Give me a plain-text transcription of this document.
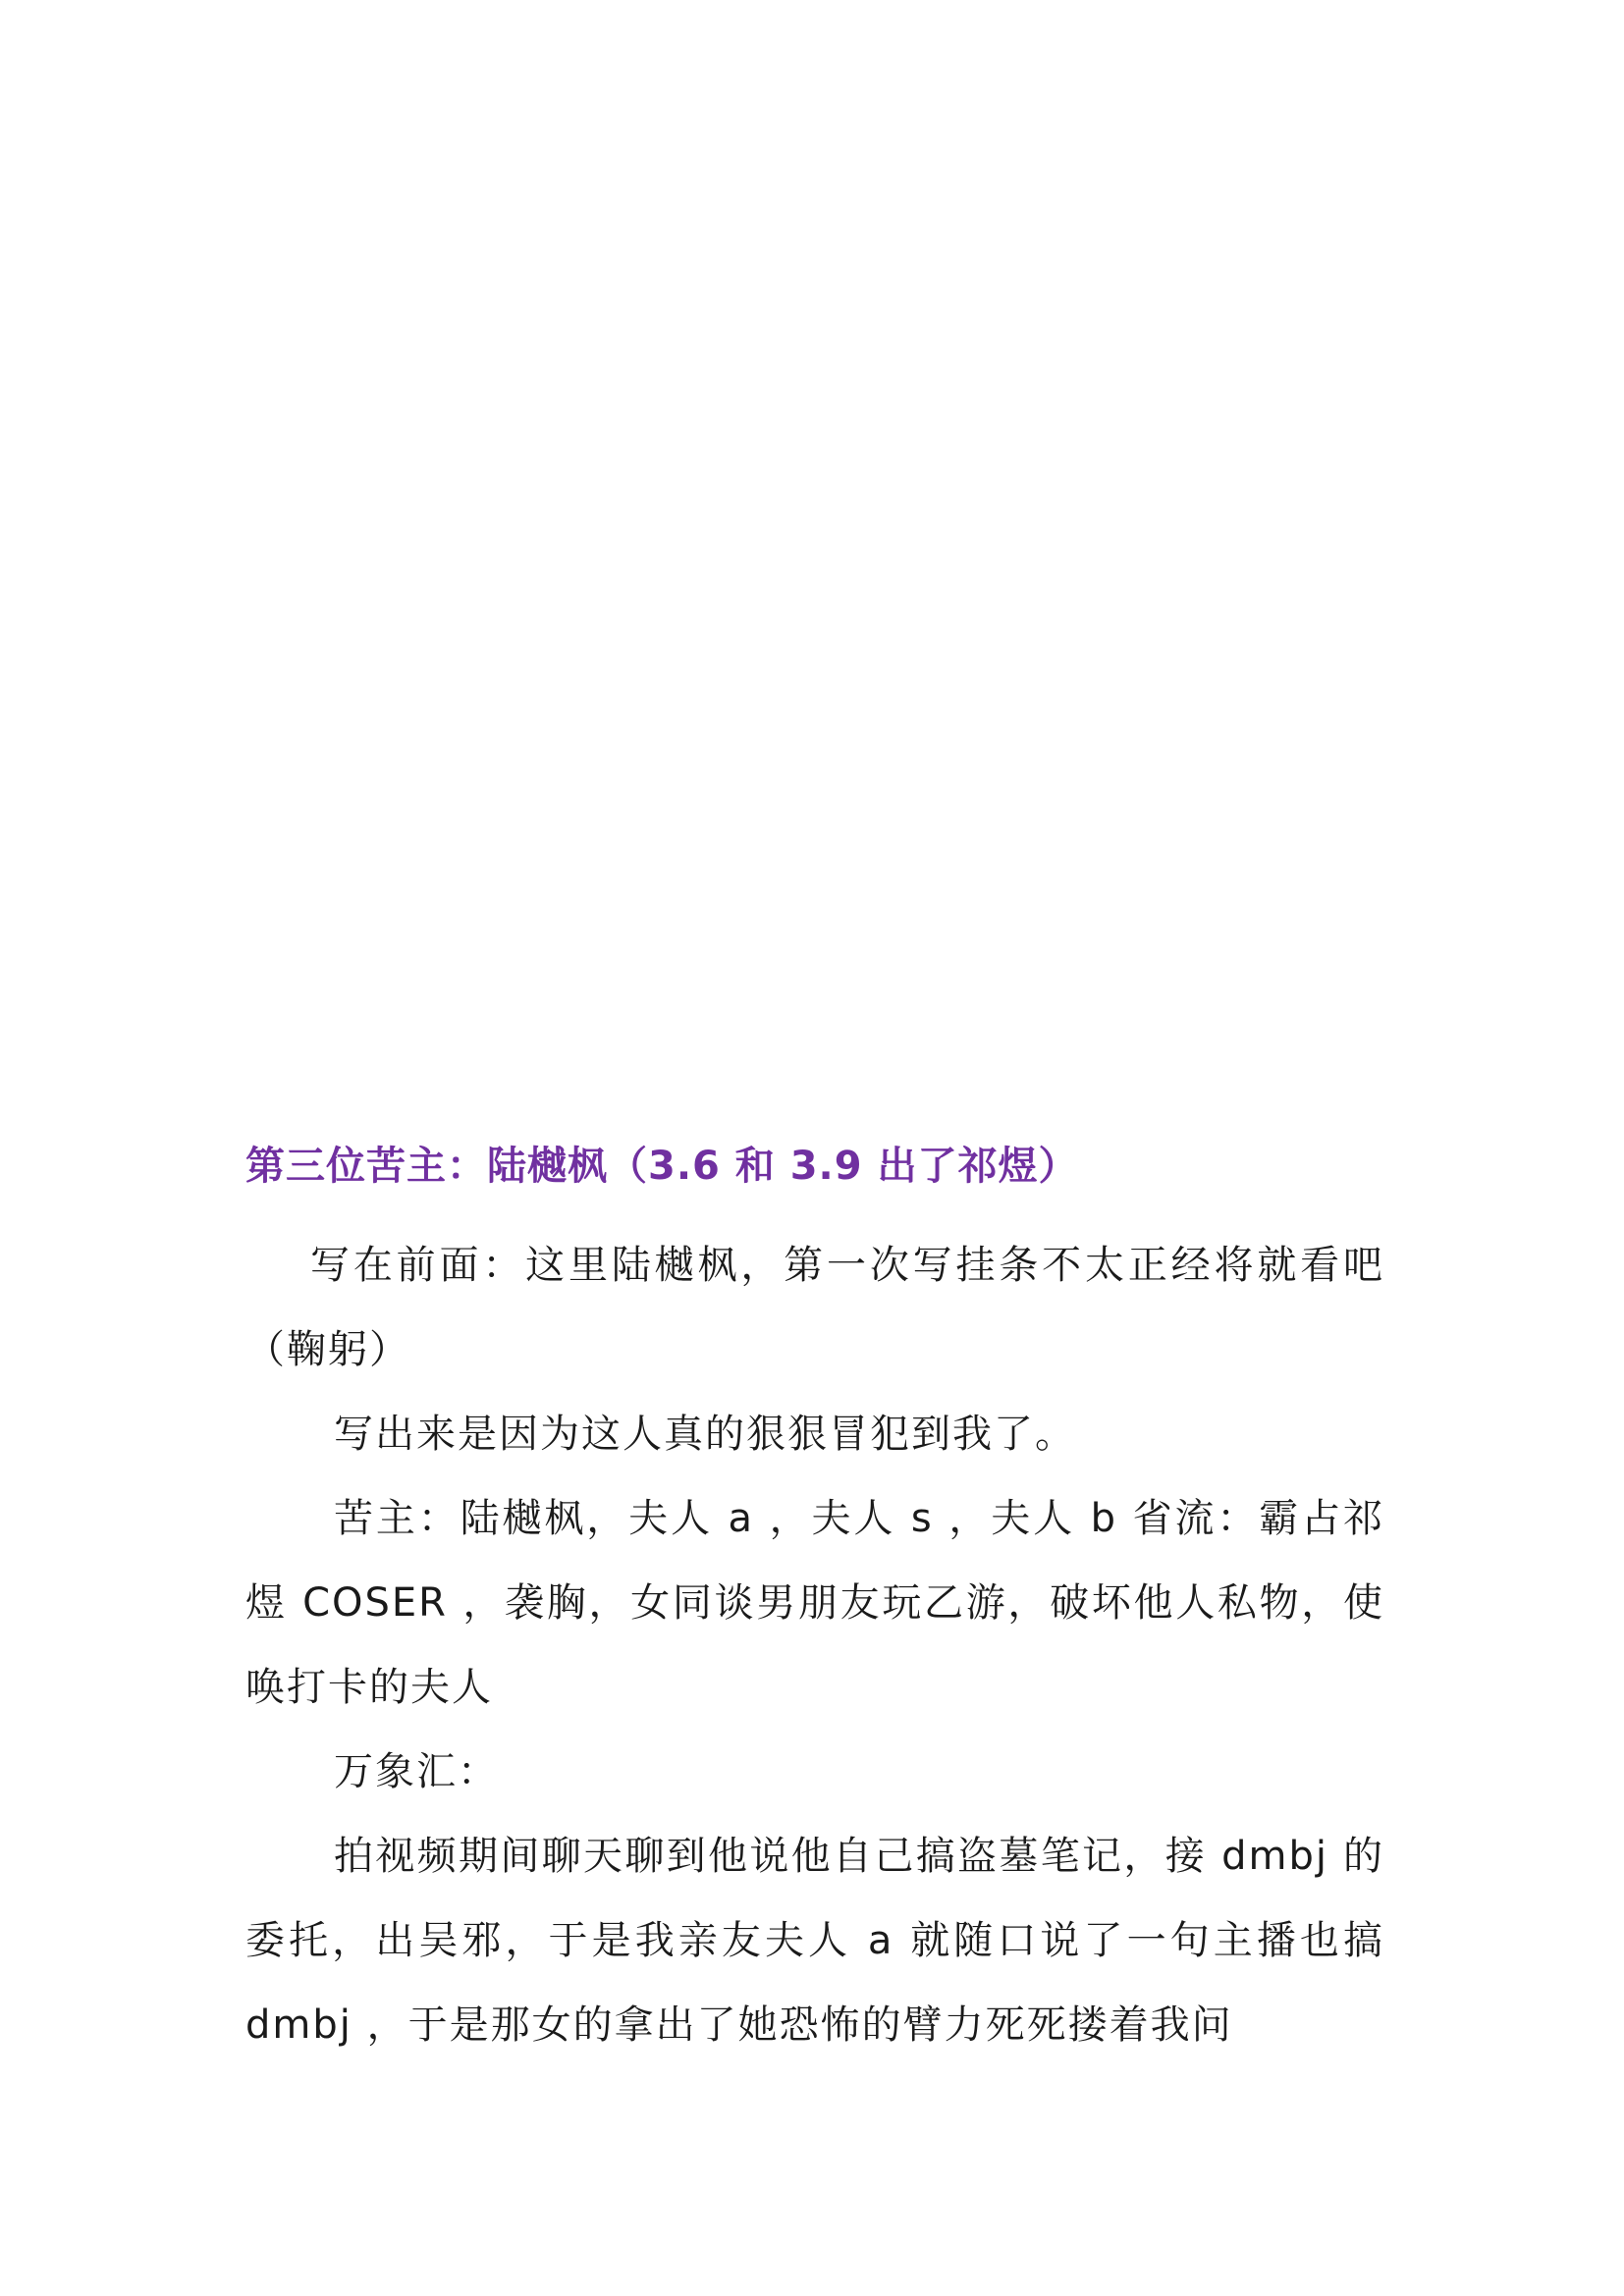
第三位苦主：陆樾枫（3.6 和 3.9 出了祁煜）

写在前面：这里陆樾枫，第一次写挂条不太正经将就看吧（鞠躬）

写出来是因为这人真的狠狠冒犯到我了。

苦主：陆樾枫，夫人 a ，夫人 s ，夫人 b 省流：霸占祁煜 COSER ，袭胸，女同谈男朋友玩乙游，破坏他人私物，使唤打卡的夫人

万象汇：

拍视频期间聊天聊到他说他自己搞盗墓笔记，接 dmbj 的委托，出吴邪，于是我亲友夫人 a 就随口说了一句主播也搞 dmbj ，于是那女的拿出了她恐怖的臂力死死搂着我问
